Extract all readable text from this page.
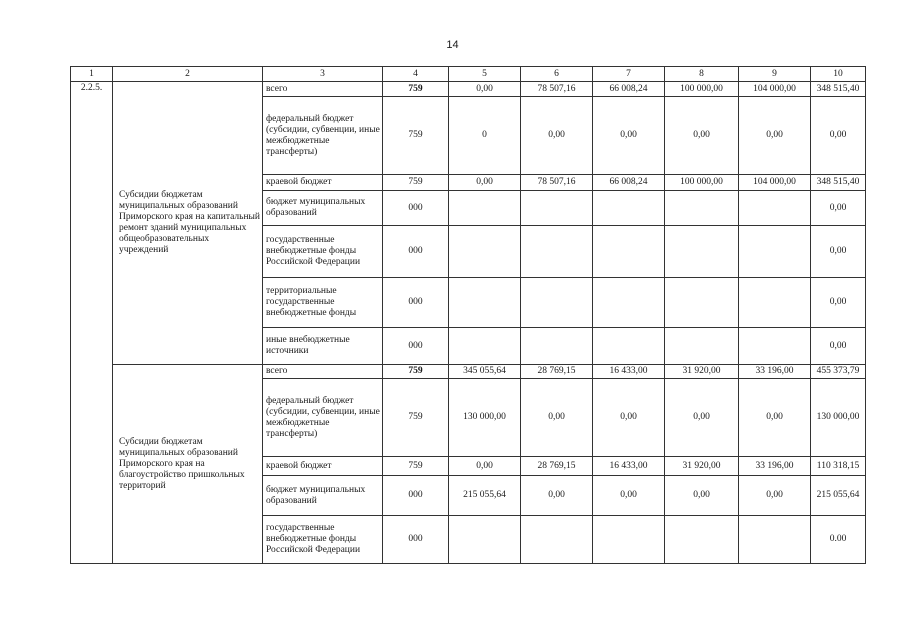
14
1	2	3	4	5	6	7	8	9	10
2.2.5.	Субсидии бюджетам муниципальных образований Приморского края на капитальный ремонт зданий муниципальных общеобразовательных учреждений	всего	759	0,00	78 507,16	66 008,24	100 000,00	104 000,00	348 515,40
		федеральный бюджет (субсидии, субвенции, иные межбюджетные трансферты)	759	0	0,00	0,00	0,00	0,00	0,00
		краевой бюджет	759	0,00	78 507,16	66 008,24	100 000,00	104 000,00	348 515,40
		бюджет муниципальных образований	000						0,00
		государственные внебюджетные фонды Российской Федерации	000						0,00
		территориальные государственные внебюджетные фонды	000						0,00
		иные внебюджетные источники	000						0,00
	Субсидии бюджетам муниципальных образований Приморского края на благоустройство пришкольных территорий	всего	759	345 055,64	28 769,15	16 433,00	31 920,00	33 196,00	455 373,79
		федеральный бюджет (субсидии, субвенции, иные межбюджетные трансферты)	759	130 000,00	0,00	0,00	0,00	0,00	130 000,00
		краевой бюджет	759	0,00	28 769,15	16 433,00	31 920,00	33 196,00	110 318,15
		бюджет муниципальных образований	000	215 055,64	0,00	0,00	0,00	0,00	215 055,64
		государственные внебюджетные фонды Российской Федерации	000						0.00
